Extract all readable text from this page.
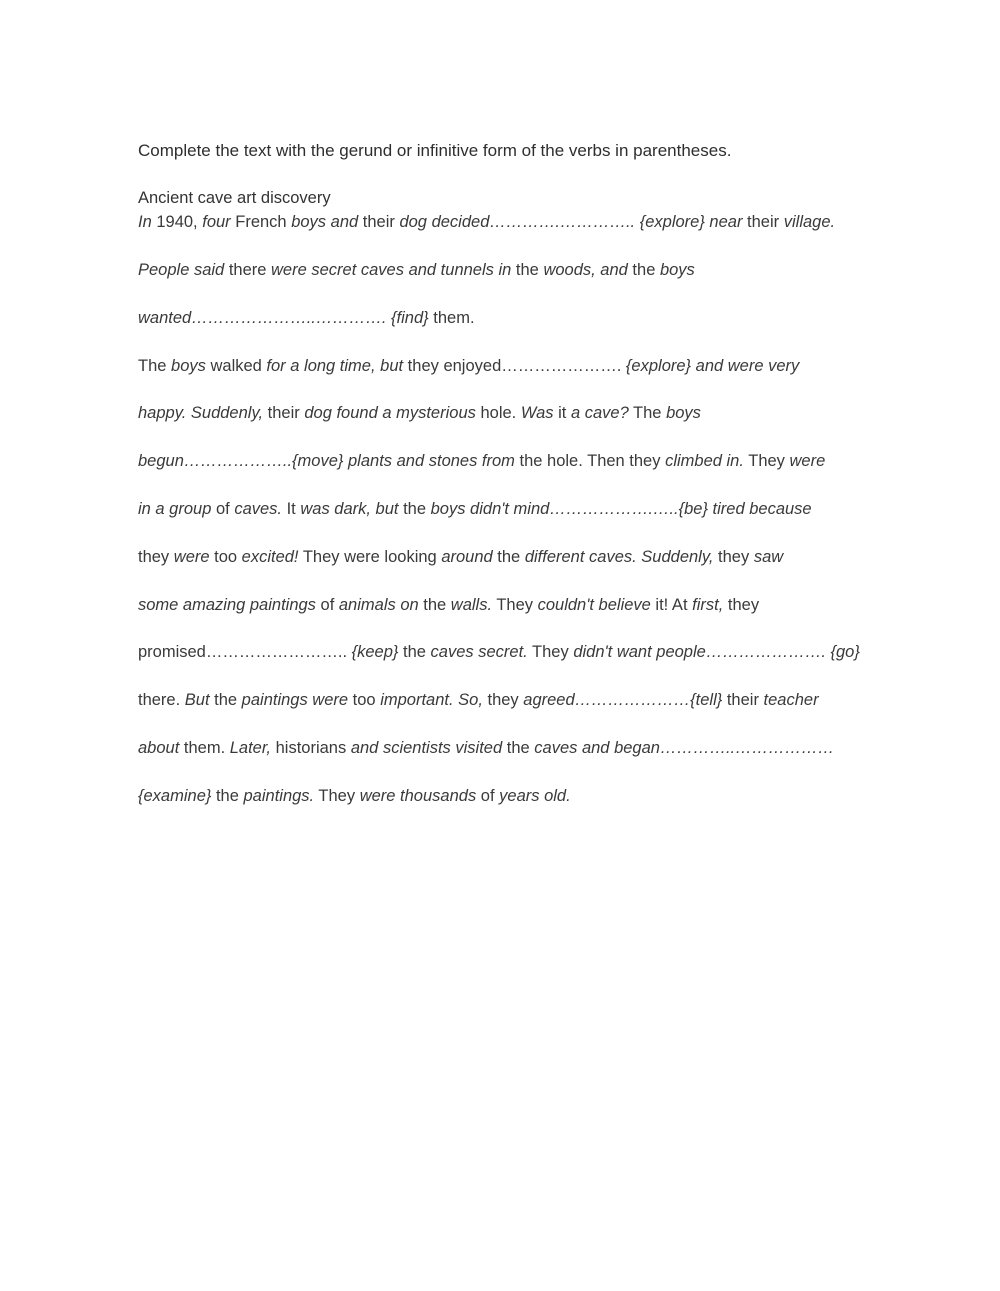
Complete the text with the gerund or infinitive form of the verbs in parentheses.
Ancient cave art discovery
In 1940, four French boys and their dog decided………….………….. {explore} near their village.
People said there were secret caves and tunnels in the woods, and the boys
wanted…………………..…………. {find} them.
The boys walked for a long time, but they enjoyed…………………. {explore} and were very
happy. Suddenly, their dog found a mysterious hole. Was it a cave? The boys
begun………………..{move} plants and stones from the hole. Then they climbed in. They were
in a group of caves. It was dark, but the boys didn't mind……………….…..{be} tired because
they were too excited! They were looking around the different caves. Suddenly, they saw
some amazing paintings of animals on the walls. They couldn't believe it! At first, they
promised…………………….. {keep} the caves secret. They didn't want people…………………. {go}
there. But the paintings were too important. So, they agreed…………………{tell} their teacher
about them. Later, historians and scientists visited the caves and began…………..………………
{examine} the paintings. They were thousands of years old.
